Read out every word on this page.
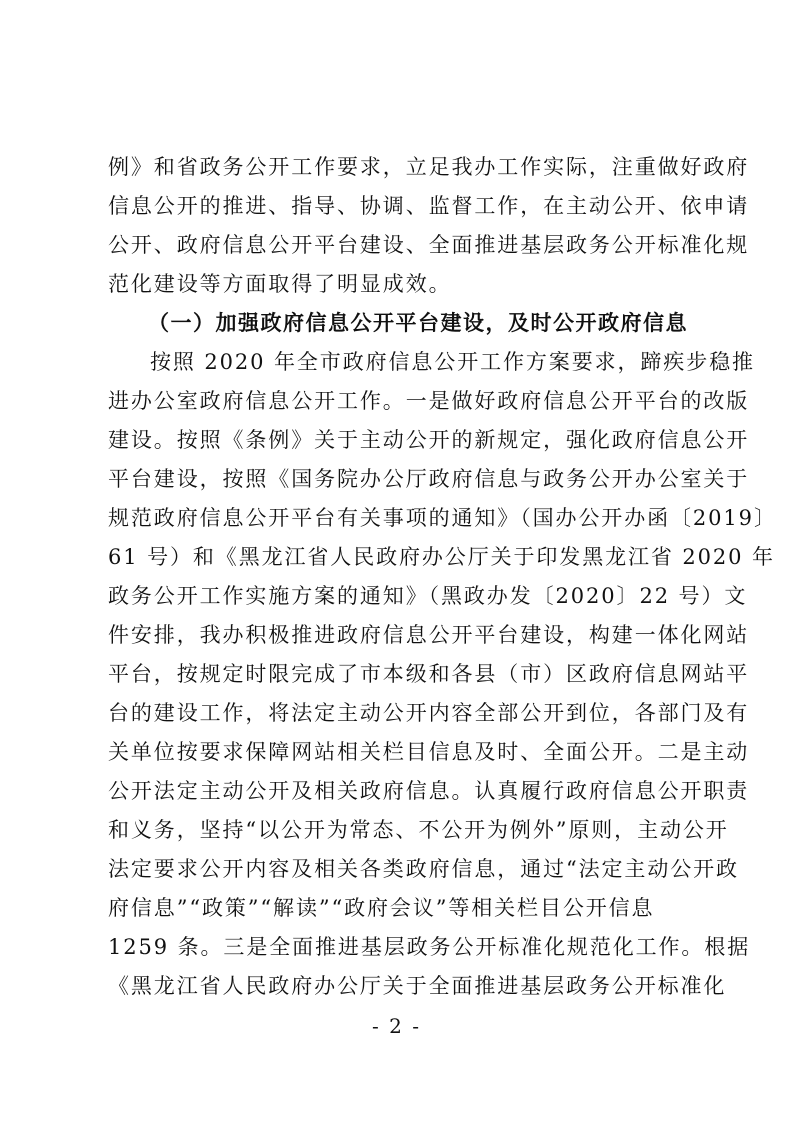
例》和省政务公开工作要求，立足我办工作实际，注重做好政府
信息公开的推进、指导、协调、监督工作，在主动公开、依申请
公开、政府信息公开平台建设、全面推进基层政务公开标准化规
范化建设等方面取得了明显成效。
（一）加强政府信息公开平台建设，及时公开政府信息
按照 2020 年全市政府信息公开工作方案要求，蹄疾步稳推
进办公室政府信息公开工作。一是做好政府信息公开平台的改版
建设。按照《条例》关于主动公开的新规定，强化政府信息公开
平台建设，按照《国务院办公厅政府信息与政务公开办公室关于
规范政府信息公开平台有关事项的通知》（国办公开办函〔2019〕
61 号）和《黑龙江省人民政府办公厅关于印发黑龙江省 2020 年
政务公开工作实施方案的通知》（黑政办发〔2020〕22 号）文
件安排，我办积极推进政府信息公开平台建设，构建一体化网站
平台，按规定时限完成了市本级和各县（市）区政府信息网站平
台的建设工作，将法定主动公开内容全部公开到位，各部门及有
关单位按要求保障网站相关栏目信息及时、全面公开。二是主动
公开法定主动公开及相关政府信息。认真履行政府信息公开职责
和义务，坚持“以公开为常态、不公开为例外”原则，主动公开
法定要求公开内容及相关各类政府信息，通过“法定主动公开政
府信息”“政策”“解读”“政府会议”等相关栏目公开信息
1259 条。三是全面推进基层政务公开标准化规范化工作。根据
《黑龙江省人民政府办公厅关于全面推进基层政务公开标准化
- 2 -
